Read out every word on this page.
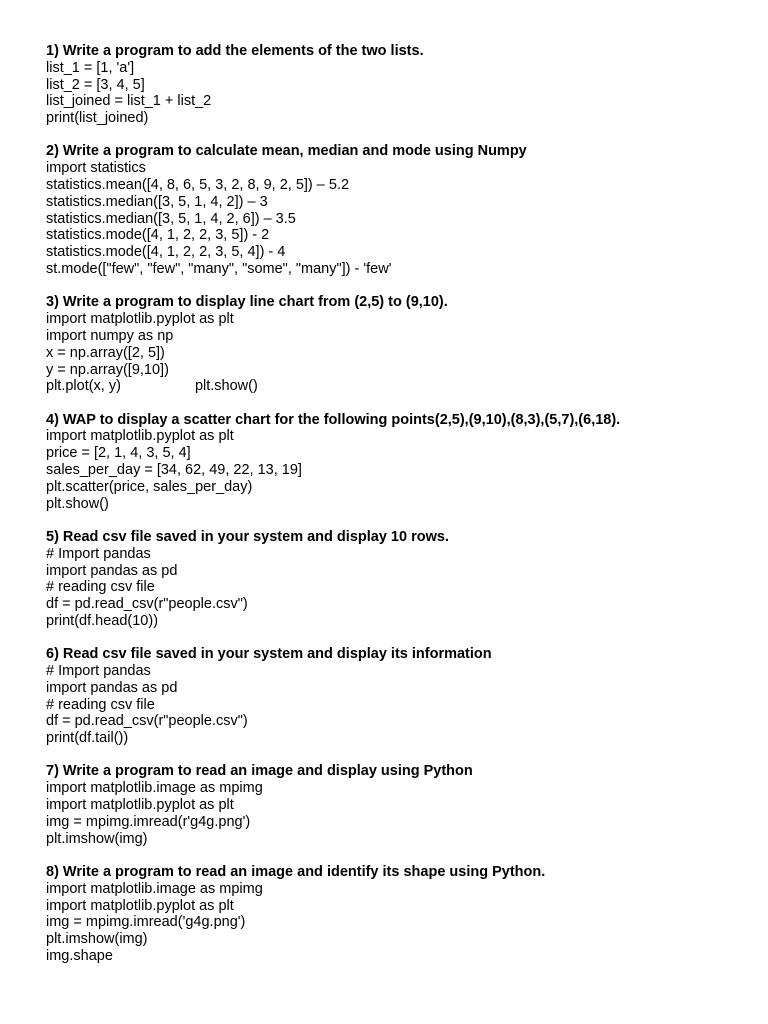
1) Write a program to add the elements of the two lists.
list_1 = [1, 'a']
list_2 = [3, 4, 5]
list_joined = list_1 + list_2
print(list_joined)
2) Write a program to calculate mean, median and mode using Numpy
import statistics
statistics.mean([4, 8, 6, 5, 3, 2, 8, 9, 2, 5]) – 5.2
statistics.median([3, 5, 1, 4, 2]) – 3
statistics.median([3, 5, 1, 4, 2, 6]) – 3.5
statistics.mode([4, 1, 2, 2, 3, 5]) - 2
statistics.mode([4, 1, 2, 2, 3, 5, 4]) - 4
st.mode(["few", "few", "many", "some", "many"]) - 'few'
3) Write a program to display line chart from (2,5) to (9,10).
import matplotlib.pyplot as plt
import numpy as np
x = np.array([2, 5])
y = np.array([9,10])
plt.plot(x, y)	plt.show()
4) WAP to display a scatter chart for the following points(2,5),(9,10),(8,3),(5,7),(6,18).
import matplotlib.pyplot as plt
price = [2, 1, 4, 3, 5, 4]
sales_per_day = [34, 62, 49, 22, 13, 19]
plt.scatter(price, sales_per_day)
plt.show()
5) Read csv file saved in your system and display 10 rows.
# Import pandas
import pandas as pd
# reading csv file
df = pd.read_csv(r"people.csv")
print(df.head(10))
6) Read csv file saved in your system and display its information
# Import pandas
import pandas as pd
# reading csv file
df = pd.read_csv(r"people.csv")
print(df.tail())
7) Write a program to read an image and display using Python
import matplotlib.image as mpimg
import matplotlib.pyplot as plt
img = mpimg.imread(r'g4g.png')
plt.imshow(img)
8) Write a program to read an image and identify its shape using Python.
import matplotlib.image as mpimg
import matplotlib.pyplot as plt
img = mpimg.imread('g4g.png')
plt.imshow(img)
img.shape
